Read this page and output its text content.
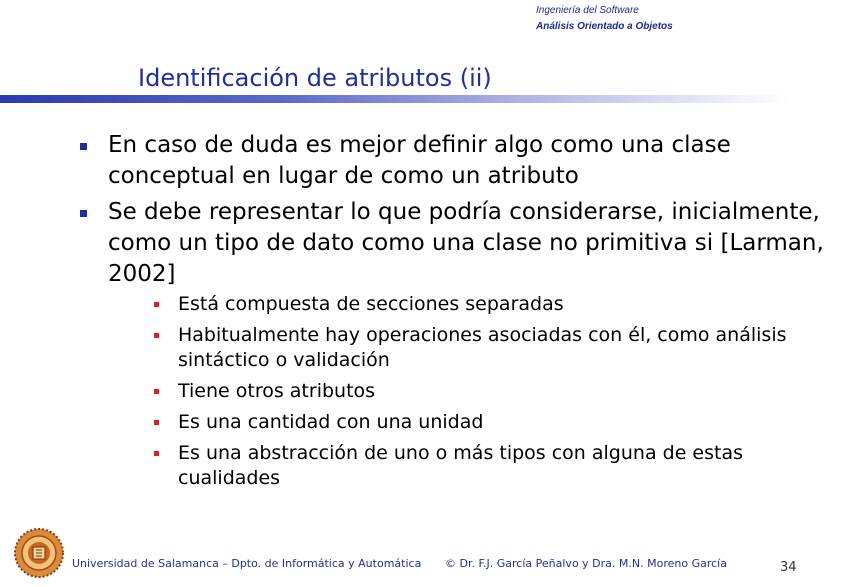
Ingeniería del Software
Análisis Orientado a Objetos
Identificación de atributos (ii)
En caso de duda es mejor definir algo como una clase conceptual en lugar de como un atributo
Se debe representar lo que podría considerarse, inicialmente, como un tipo de dato como una clase no primitiva si [Larman, 2002]
Está compuesta de secciones separadas
Habitualmente hay operaciones asociadas con él, como análisis sintáctico o validación
Tiene otros atributos
Es una cantidad con una unidad
Es una abstracción de uno o más tipos con alguna de estas cualidades
Universidad de Salamanca – Dpto. de Informática y Automática © Dr. F.J. García Peñalvo y Dra. M.N. Moreno García	34
